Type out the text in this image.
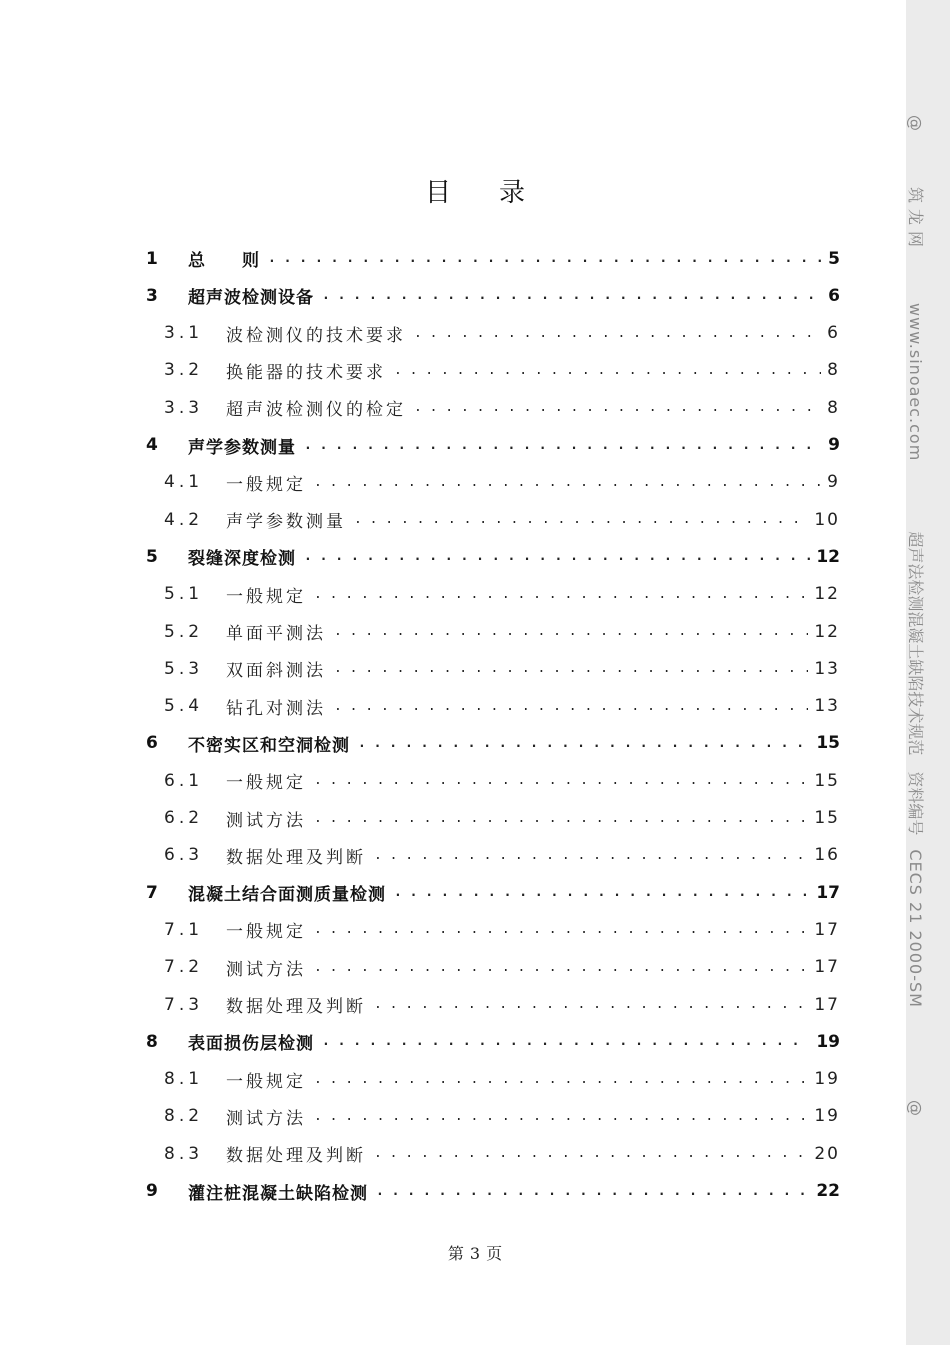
目 录
1	总　　则 . . .	5
3	超声波检测设备 . . .	6
3.1	波检测仪的技术要求 . . .	6
3.2	换能器的技术要求 . . .	8
3.3	超声波检测仪的检定 . . .	8
4	声学参数测量 . . .	9
4.1	一般规定 . . .	9
4.2	声学参数测量 . . .	10
5	裂缝深度检测 . . .	12
5.1	一般规定 . . .	12
5.2	单面平测法 . . .	12
5.3	双面斜测法 . . .	13
5.4	钻孔对测法 . . .	13
6	不密实区和空洞检测 . . .	15
6.1	一般规定 . . .	15
6.2	测试方法 . . .	15
6.3	数据处理及判断 . . .	16
7	混凝土结合面测质量检测 . . .	17
7.1	一般规定 . . .	17
7.2	测试方法 . . .	17
7.3	数据处理及判断 . . .	17
8	表面损伤层检测 . . .	19
8.1	一般规定 . . .	19
8.2	测试方法 . . .	19
8.3	数据处理及判断 . . .	20
9	灌注桩混凝土缺陷检测 . . .	22
第 3 页
@筑龙网www.sinoaec.com超声法检测混凝土缺陷技术规范资料编号CECS 21 2000-SM@
